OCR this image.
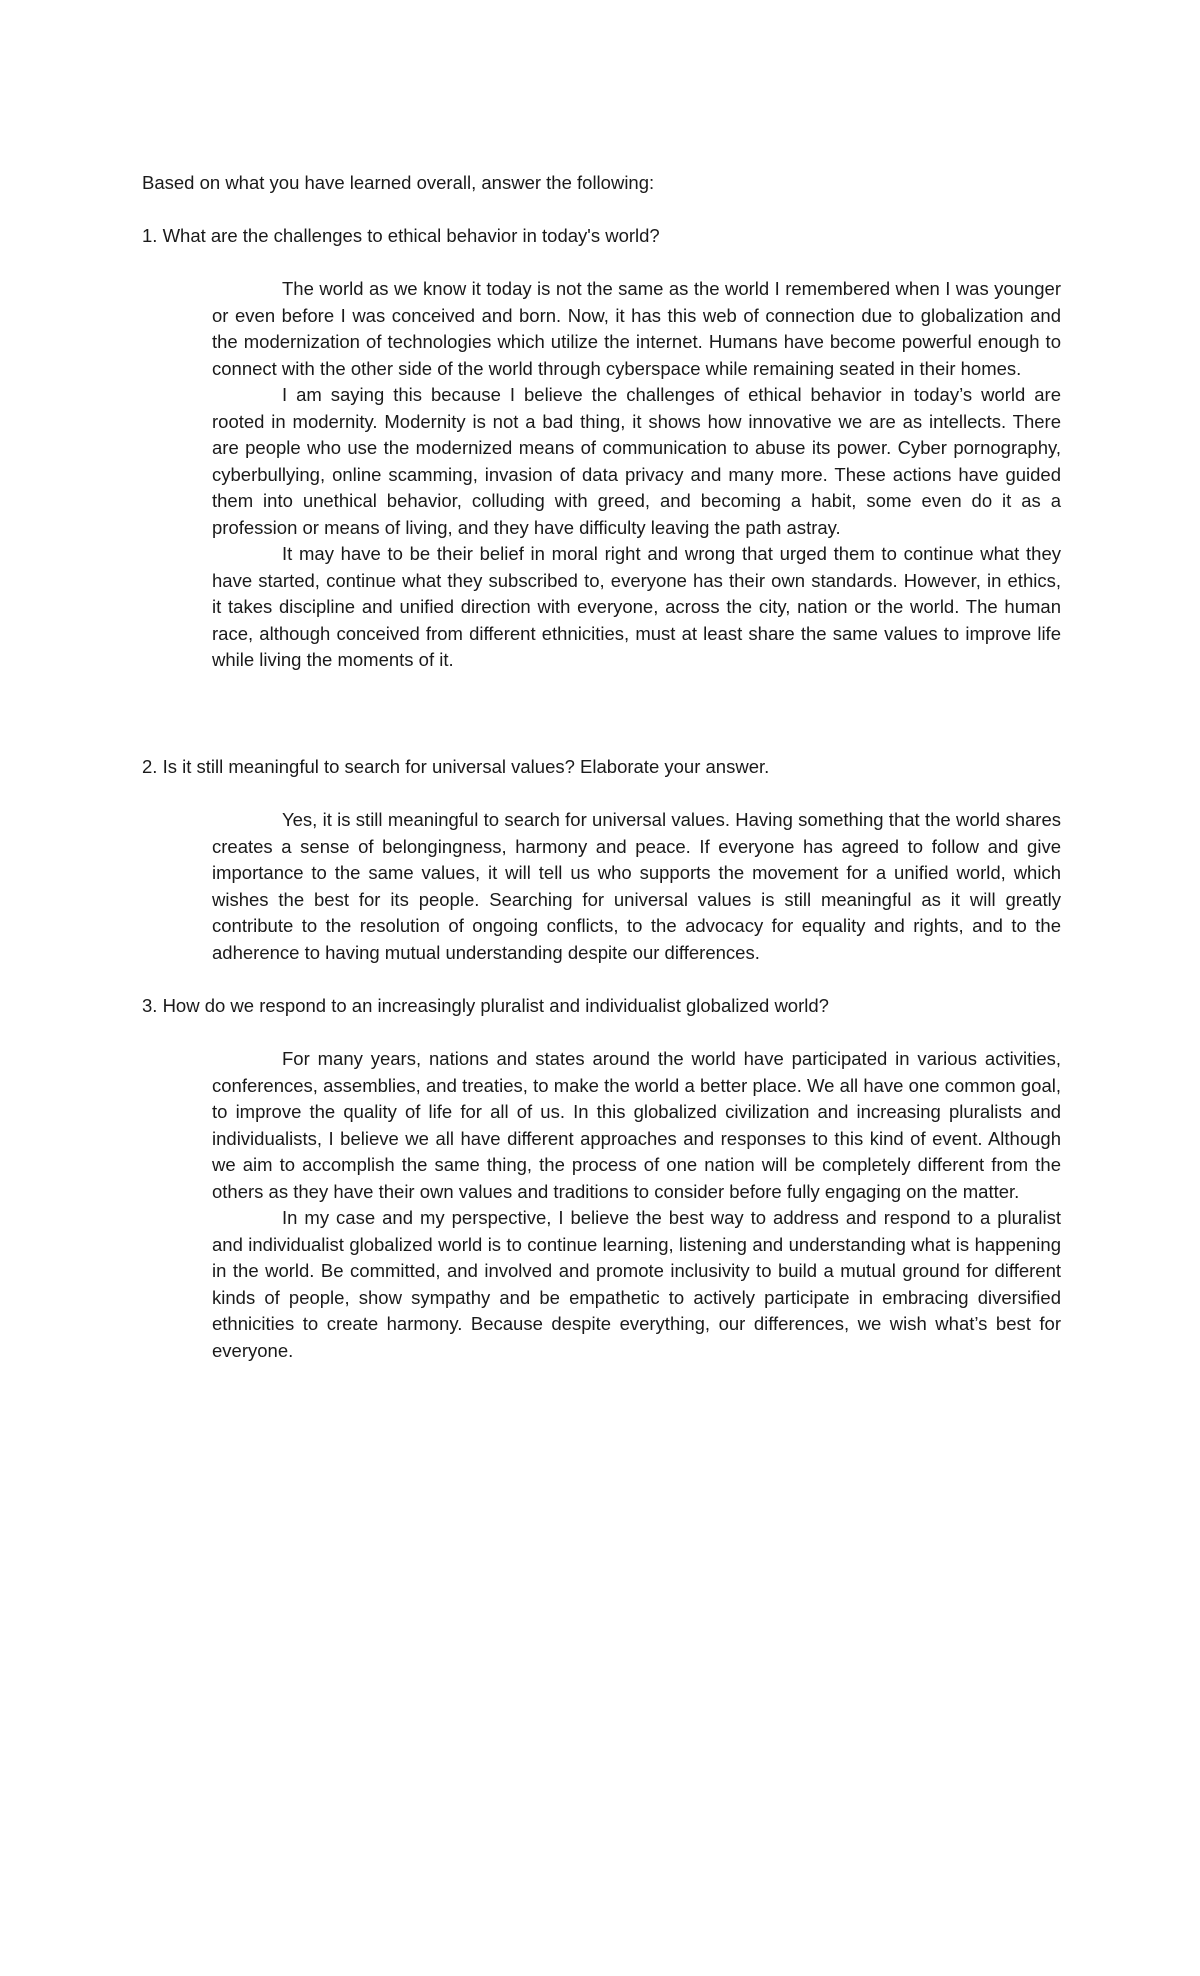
Based on what you have learned overall, answer the following:

1. What are the challenges to ethical behavior in today's world?

The world as we know it today is not the same as the world I remembered when I was younger or even before I was conceived and born. Now, it has this web of connection due to globalization and the modernization of technologies which utilize the internet. Humans have become powerful enough to connect with the other side of the world through cyberspace while remaining seated in their homes.

I am saying this because I believe the challenges of ethical behavior in today’s world are rooted in modernity. Modernity is not a bad thing, it shows how innovative we are as intellects. There are people who use the modernized means of communication to abuse its power. Cyber pornography, cyberbullying, online scamming, invasion of data privacy and many more. These actions have guided them into unethical behavior, colluding with greed, and becoming a habit, some even do it as a profession or means of living, and they have difficulty leaving the path astray.

It may have to be their belief in moral right and wrong that urged them to continue what they have started, continue what they subscribed to, everyone has their own standards. However, in ethics, it takes discipline and unified direction with everyone, across the city, nation or the world. The human race, although conceived from different ethnicities, must at least share the same values to improve life while living the moments of it.

2. Is it still meaningful to search for universal values? Elaborate your answer.

Yes, it is still meaningful to search for universal values. Having something that the world shares creates a sense of belongingness, harmony and peace. If everyone has agreed to follow and give importance to the same values, it will tell us who supports the movement for a unified world, which wishes the best for its people. Searching for universal values is still meaningful as it will greatly contribute to the resolution of ongoing conflicts, to the advocacy for equality and rights, and to the adherence to having mutual understanding despite our differences.

3. How do we respond to an increasingly pluralist and individualist globalized world?

For many years, nations and states around the world have participated in various activities, conferences, assemblies, and treaties, to make the world a better place. We all have one common goal, to improve the quality of life for all of us. In this globalized civilization and increasing pluralists and individualists, I believe we all have different approaches and responses to this kind of event. Although we aim to accomplish the same thing, the process of one nation will be completely different from the others as they have their own values and traditions to consider before fully engaging on the matter.

In my case and my perspective, I believe the best way to address and respond to a pluralist and individualist globalized world is to continue learning, listening and understanding what is happening in the world. Be committed, and involved and promote inclusivity to build a mutual ground for different kinds of people, show sympathy and be empathetic to actively participate in embracing diversified ethnicities to create harmony. Because despite everything, our differences, we wish what’s best for everyone.
